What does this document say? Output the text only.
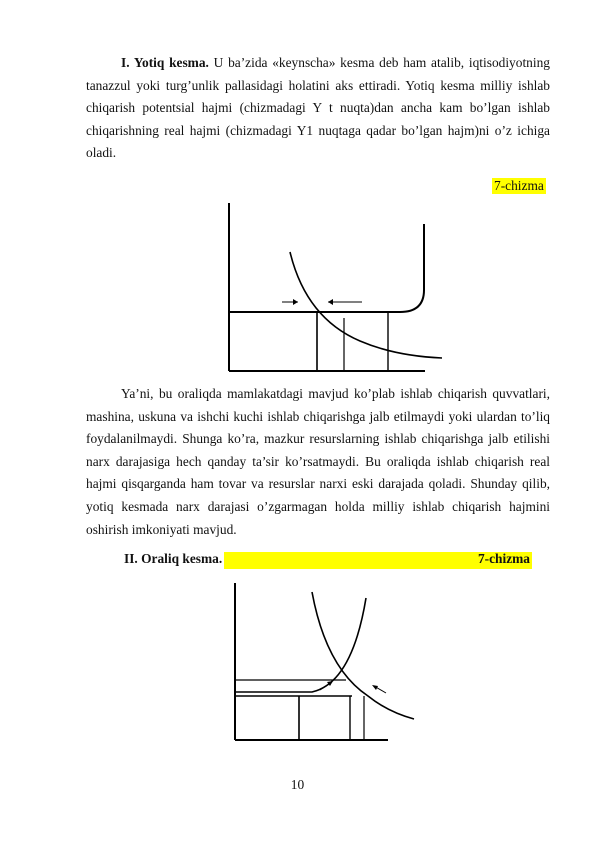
I. Yotiq kesma. U ba’zida «keynscha» kesma deb ham atalib, iqtisodiyotning tanazzul yoki turg’unlik pallasidagi holatini aks ettiradi. Yotiq kesma milliy ishlab chiqarish potentsial hajmi (chizmadagi Y t nuqta)dan ancha kam bo’lgan ishlab chiqarishning real hajmi (chizmadagi Y1 nuqtaga qadar bo’lgan hajm)ni o’z ichiga oladi.
7-chizma
Ya’ni, bu oraliqda mamlakatdagi mavjud ko’plab ishlab chiqarish quvvatlari, mashina, uskuna va ishchi kuchi ishlab chiqarishga jalb etilmaydi yoki ulardan to’liq foydalanilmaydi. Shunga ko’ra, mazkur resurslarning ishlab chiqarishga jalb etilishi narx darajasiga hech qanday ta’sir ko’rsatmaydi. Bu oraliqda ishlab chiqarish real hajmi qisqarganda ham tovar va resurslar narxi eski darajada qoladi. Shunday qilib, yotiq kesmada narx darajasi o’zgarmagan holda milliy ishlab chiqarish hajmini oshirish imkoniyati mavjud.
II. Oraliq kesma.	7-chizma
10
